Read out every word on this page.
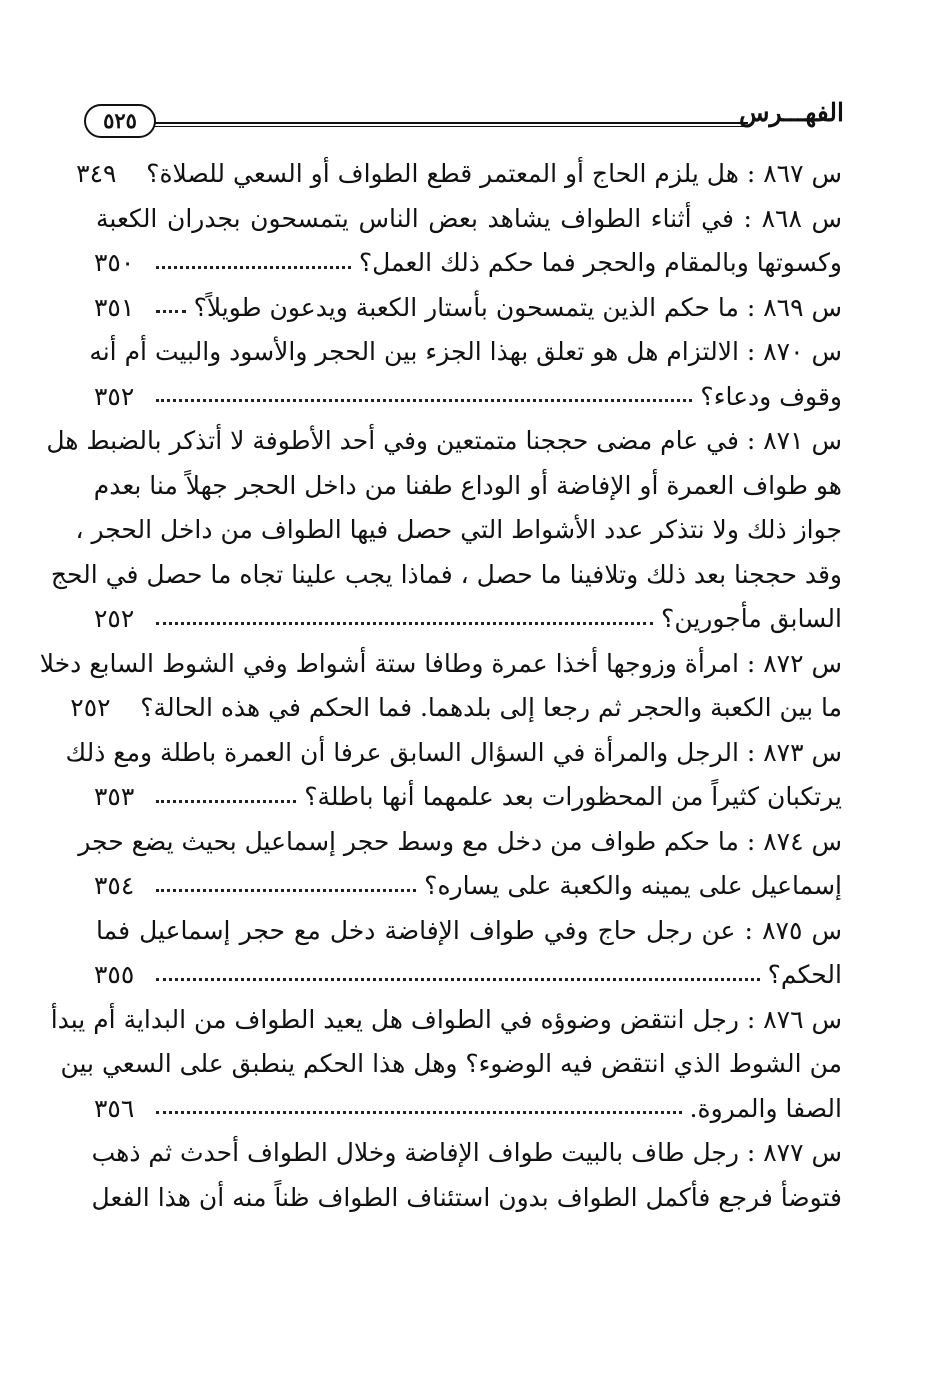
الفهـــرس
٥٢٥
س ٨٦٧ : هل يلزم الحاج أو المعتمر قطع الطواف أو السعي للصلاة؟
٣٤٩
س ٨٦٨ : في أثناء الطواف يشاهد بعض الناس يتمسحون بجدران الكعبة
وكسوتها وبالمقام والحجر فما حكم ذلك العمل؟
٣٥٠
س ٨٦٩ : ما حكم الذين يتمسحون بأستار الكعبة ويدعون طويلاً؟
٣٥١
س ٨٧٠ : الالتزام هل هو تعلق بهذا الجزء بين الحجر والأسود والبيت أم أنه
وقوف ودعاء؟
٣٥٢
س ٨٧١ : في عام مضى حججنا متمتعين وفي أحد الأطوفة لا أتذكر بالضبط هل
هو طواف العمرة أو الإفاضة أو الوداع طفنا من داخل الحجر جهلاً منا بعدم
جواز ذلك ولا نتذكر عدد الأشواط التي حصل فيها الطواف من داخل الحجر ،
وقد حججنا بعد ذلك وتلافينا ما حصل ، فماذا يجب علينا تجاه ما حصل في الحج
السابق مأجورين؟
٢٥٢
س ٨٧٢ : امرأة وزوجها أخذا عمرة وطافا ستة أشواط وفي الشوط السابع دخلا
ما بين الكعبة والحجر ثم رجعا إلى بلدهما. فما الحكم في هذه الحالة؟
٢٥٢
س ٨٧٣ : الرجل والمرأة في السؤال السابق عرفا أن العمرة باطلة ومع ذلك
يرتكبان كثيراً من المحظورات بعد علمهما أنها باطلة؟
٣٥٣
س ٨٧٤ : ما حكم طواف من دخل مع وسط حجر إسماعيل بحيث يضع حجر
إسماعيل على يمينه والكعبة على يساره؟
٣٥٤
س ٨٧٥ : عن رجل حاج وفي طواف الإفاضة دخل مع حجر إسماعيل فما
الحكم؟
٣٥٥
س ٨٧٦ : رجل انتقض وضوؤه في الطواف هل يعيد الطواف من البداية أم يبدأ
من الشوط الذي انتقض فيه الوضوء؟ وهل هذا الحكم ينطبق على السعي بين
الصفا والمروة.
٣٥٦
س ٨٧٧ : رجل طاف بالبيت طواف الإفاضة وخلال الطواف أحدث ثم ذهب
فتوضأ فرجع فأكمل الطواف بدون استئناف الطواف ظناً منه أن هذا الفعل
